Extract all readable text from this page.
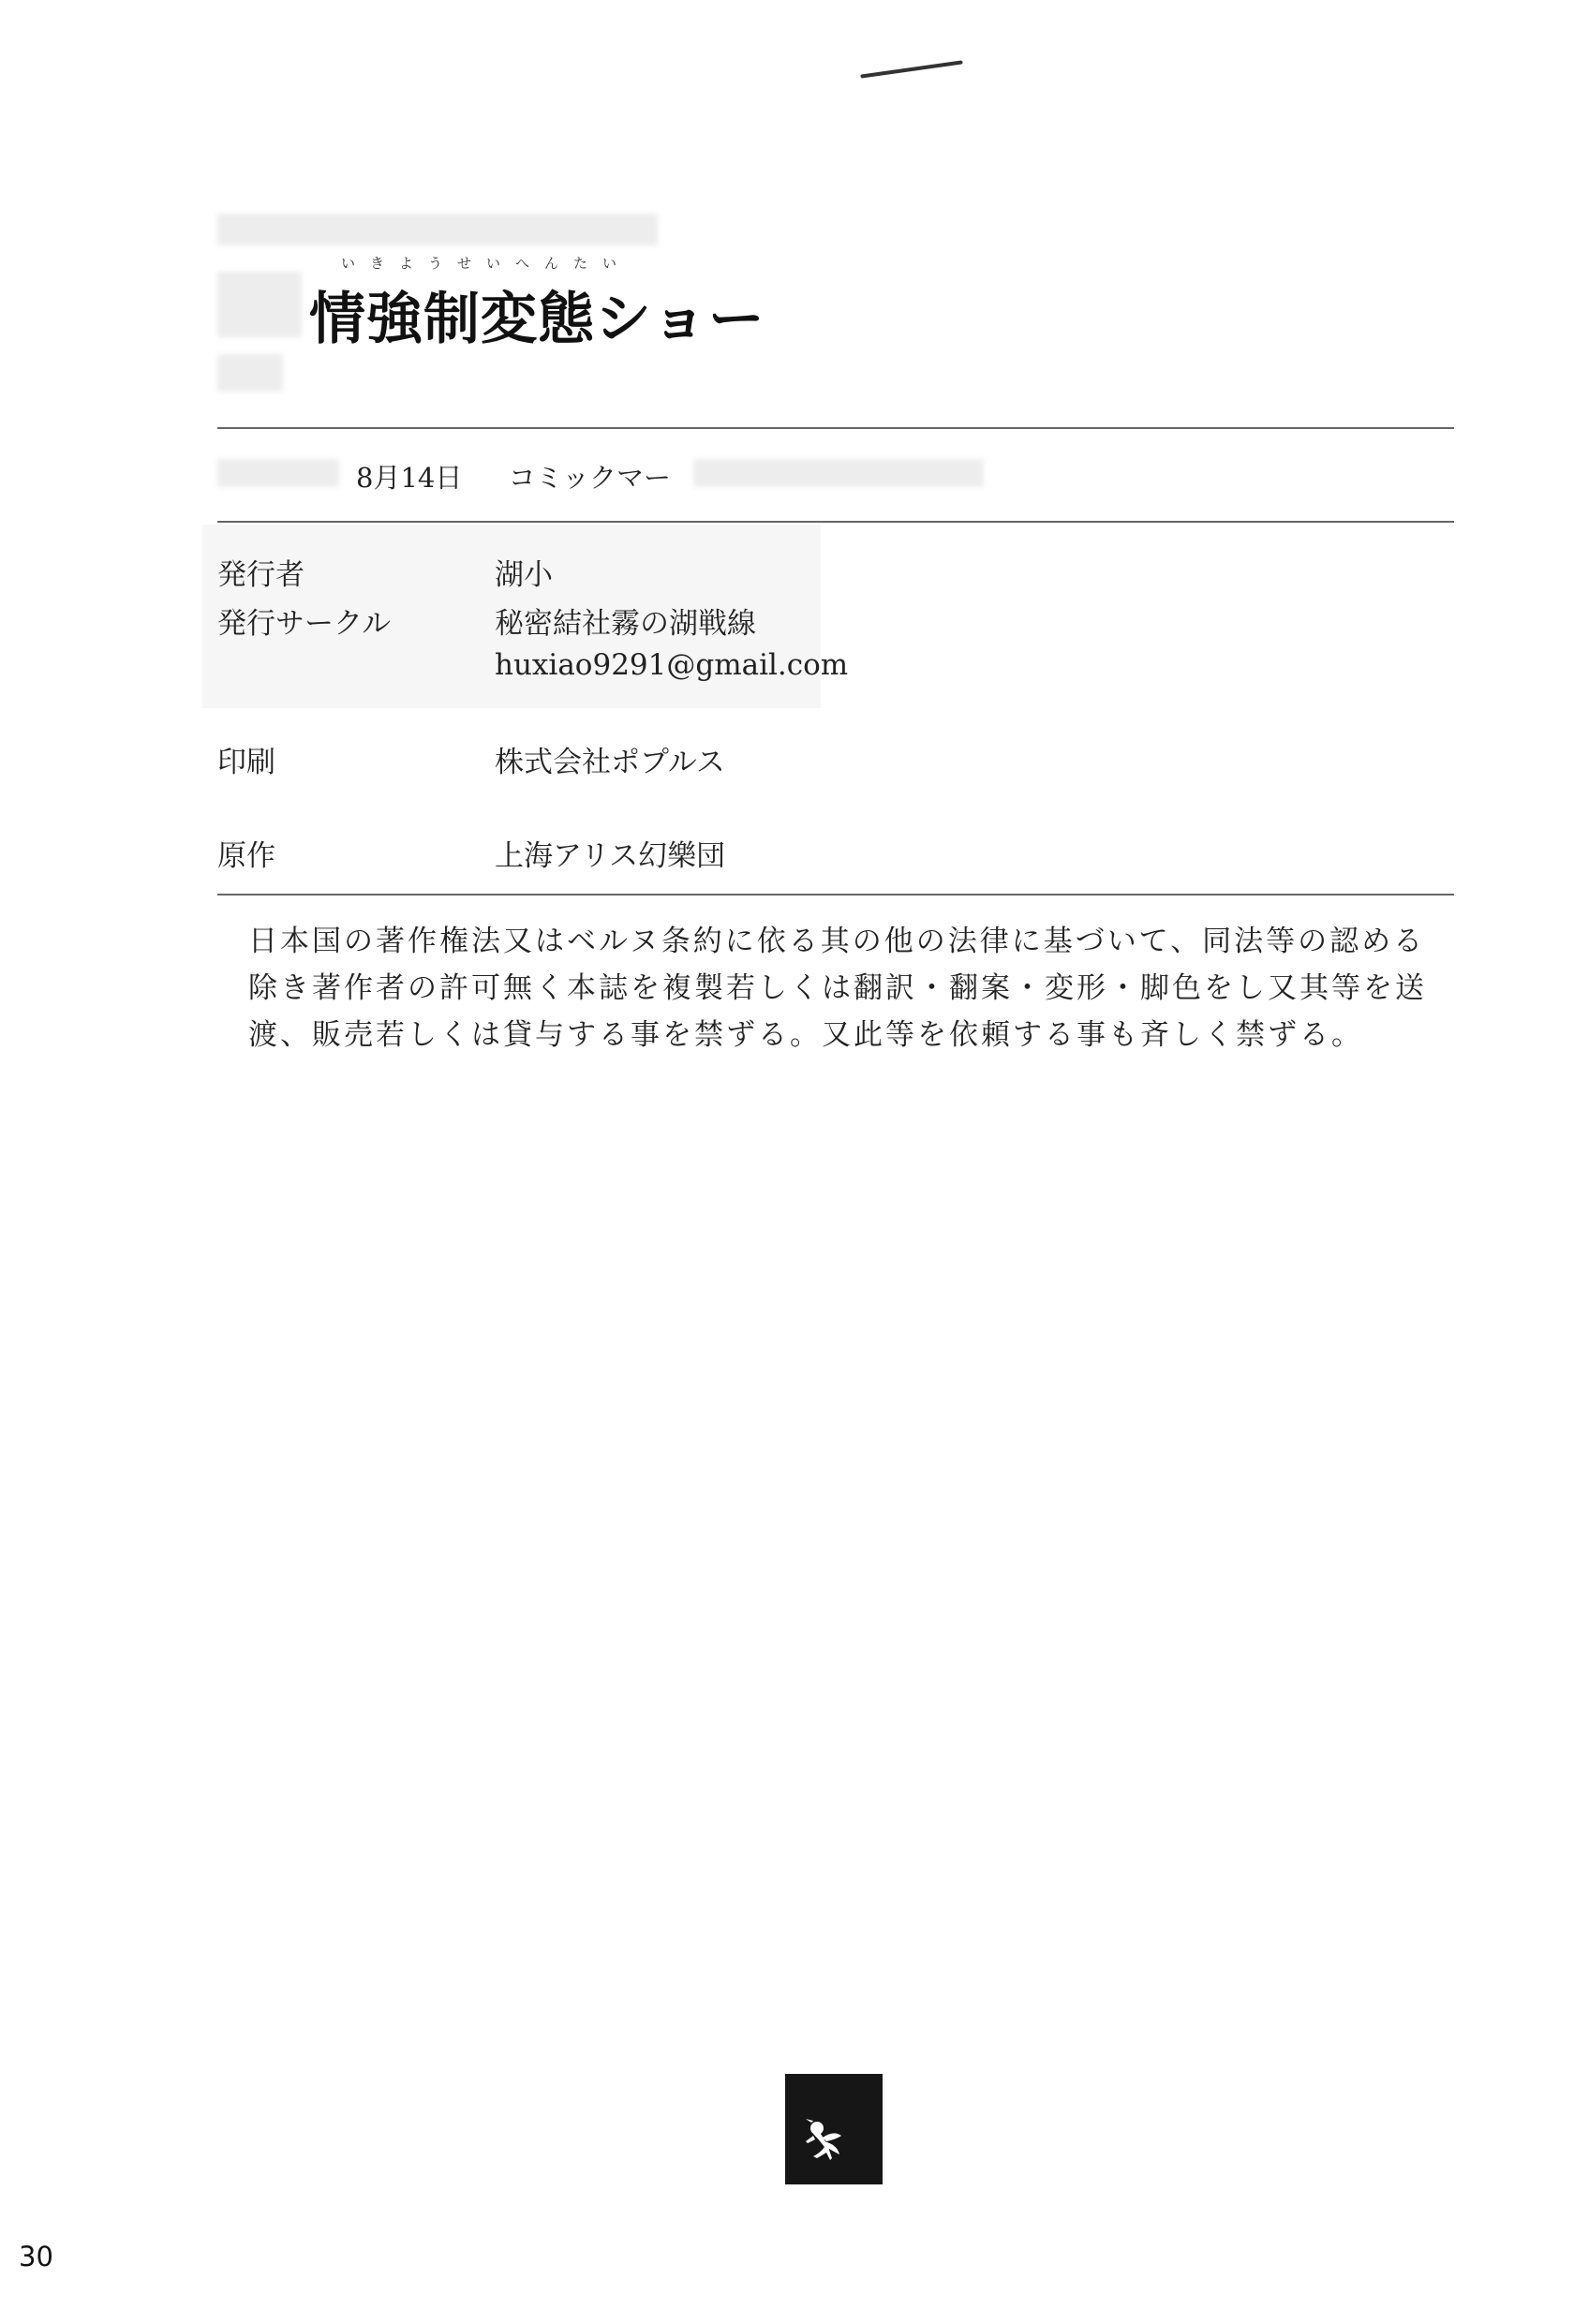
いきようせいへんたい
情強制変態ショー
8月14日 コミックマー
発行者	湖小
発行サークル	秘密結社霧の湖戦線
huxiao9291@gmail.com
印刷	株式会社ポプルス
原作	上海アリス幻樂団
日本国の著作権法又はベルヌ条約に依る其の他の法律に基づいて、同法等の認める
除き著作者の許可無く本誌を複製若しくは翻訳・翻案・変形・脚色をし又其等を送
渡、販売若しくは貸与する事を禁ずる。又此等を依頼する事も斉しく禁ずる。
30
